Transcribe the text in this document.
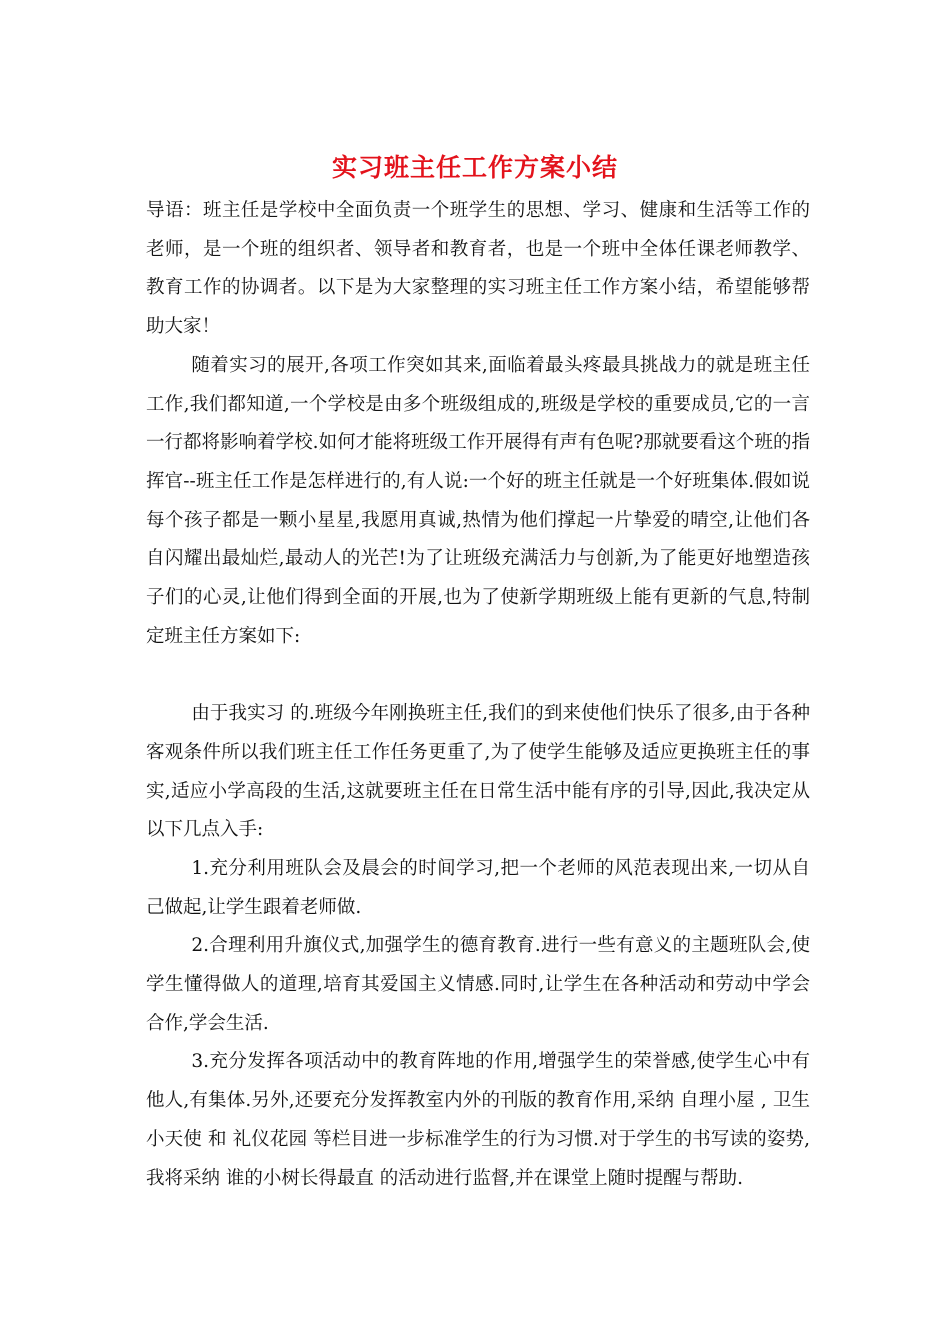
实习班主任工作方案小结

导语：班主任是学校中全面负责一个班学生的思想、学习、健康和生活等工作的老师，是一个班的组织者、领导者和教育者，也是一个班中全体任课老师教学、教育工作的协调者。以下是为大家整理的实习班主任工作方案小结，希望能够帮助大家！

随着实习的展开,各项工作突如其来,面临着最头疼最具挑战力的就是班主任工作,我们都知道,一个学校是由多个班级组成的,班级是学校的重要成员,它的一言一行都将影响着学校.如何才能将班级工作开展得有声有色呢?那就要看这个班的指挥官--班主任工作是怎样进行的,有人说:一个好的班主任就是一个好班集体.假如说每个孩子都是一颗小星星,我愿用真诚,热情为他们撑起一片挚爱的晴空,让他们各自闪耀出最灿烂,最动人的光芒!为了让班级充满活力与创新,为了能更好地塑造孩子们的心灵,让他们得到全面的开展,也为了使新学期班级上能有更新的气息,特制定班主任方案如下:

由于我实习 的.班级今年刚换班主任,我们的到来使他们快乐了很多,由于各种客观条件所以我们班主任工作任务更重了,为了使学生能够及适应更换班主任的事实,适应小学高段的生活,这就要班主任在日常生活中能有序的引导,因此,我决定从以下几点入手:

1.充分利用班队会及晨会的时间学习,把一个老师的风范表现出来,一切从自己做起,让学生跟着老师做.

2.合理利用升旗仪式,加强学生的德育教育.进行一些有意义的主题班队会,使学生懂得做人的道理,培育其爱国主义情感.同时,让学生在各种活动和劳动中学会合作,学会生活.

3.充分发挥各项活动中的教育阵地的作用,增强学生的荣誉感,使学生心中有他人,有集体.另外,还要充分发挥教室内外的刊版的教育作用,采纳 自理小屋 , 卫生小天使 和 礼仪花园 等栏目进一步标准学生的行为习惯.对于学生的书写读的姿势,我将采纳 谁的小树长得最直 的活动进行监督,并在课堂上随时提醒与帮助.
